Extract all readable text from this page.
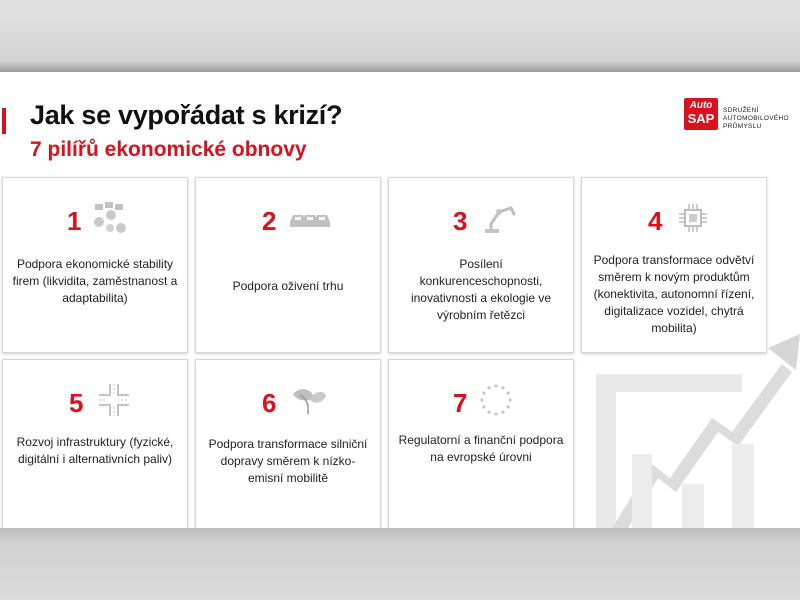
Jak se vypořádat s krizí?
7 pilířů ekonomické obnovy
Auto
SAP
SDRUŽENÍ
AUTOMOBILOVÉHO
PRŮMYSLU
1
Podpora ekonomické stability firem (likvidita, zaměstnanost a adaptabilita)
2
Podpora oživení trhu
3
Posílení konkurenceschopnosti, inovativnosti a ekologie ve výrobním řetězci
4
Podpora transformace odvětví směrem k novým produktům (konektivita, autonomní řízení, digitalizace vozidel, chytrá mobilita)
5
Rozvoj infrastruktury (fyzické, digitální i alternativních paliv)
6
Podpora transformace silniční dopravy směrem k nízko-emisní mobilitě
7
Regulatorní a finanční podpora na evropské úrovni
